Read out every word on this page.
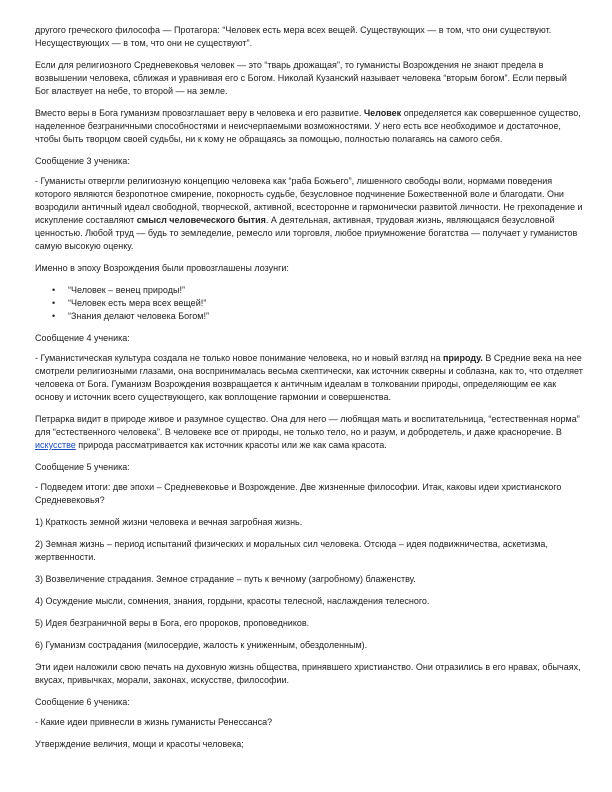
другого греческого философа — Протагора: “Человек есть мера всех вещей. Существующих — в том, что они существуют. Несуществующих — в том, что они не существуют”.

Если для религиозного Средневековья человек — это “тварь дрожащая”, то гуманисты Возрождения не знают предела в возвышении человека, сближая и уравнивая его с Богом. Николай Кузанский называет человека “вторым богом”. Если первый Бог властвует на небе, то второй — на земле.

Вместо веры в Бога гуманизм провозглашает веру в человека и его развитие. Человек определяется как совершенное существо, наделенное безграничными способностями и неисчерпаемыми возможностями. У него есть все необходимое и достаточное, чтобы быть творцом своей судьбы, ни к кому не обращаясь за помощью, полностью полагаясь на самого себя.

Сообщение 3 ученика:

- Гуманисты отвергли религиозную концепцию человека как “раба Божьего”, лишенного свободы воли, нормами поведения которого являются безропотное смирение, покорность судьбе, безусловное подчинение Божественной воле и благодати. Они возродили античный идеал свободной, творческой, активной, всесторонне и гармонически развитой личности. Не грехопадение и искупление составляют смысл человеческого бытия. А деятельная, активная, трудовая жизнь, являющаяся безусловной ценностью. Любой труд — будь то земледелие, ремесло или торговля, любое приумножение богатства — получает у гуманистов самую высокую оценку.

Именно в эпоху Возрождения были провозглашены лозунги:

• “Человек – венец природы!”
• “Человек есть мера всех вещей!”
• “Знания делают человека Богом!”

Сообщение 4 ученика:

- Гуманистическая культура создала не только новое понимание человека, но и новый взгляд на природу. В Средние века на нее смотрели религиозными глазами, она воспринималась весьма скептически, как источник скверны и соблазна, как то, что отделяет человека от Бога. Гуманизм Возрождения возвращается к античным идеалам в толковании природы, определяющим ее как основу и источник всего существующего, как воплощение гармонии и совершенства.

Петрарка видит в природе живое и разумное существо. Она для него — любящая мать и воспитательница, “естественная норма” для “естественного человека”. В человеке все от природы, не только тело, но и разум, и добродетель, и даже красноречие. В искусстве природа рассматривается как источник красоты или же как сама красота.

Сообщение 5 ученика:

- Подведем итоги: две эпохи – Средневековье и Возрождение. Две жизненные философии. Итак, каковы идеи христианского Средневековья?

1) Краткость земной жизни человека и вечная загробная жизнь.

2) Земная жизнь – период испытаний физических и моральных сил человека. Отсюда – идея подвижничества, аскетизма, жертвенности.

3) Возвеличение страдания. Земное страдание – путь к вечному (загробному) блаженству.

4) Осуждение мысли, сомнения, знания, гордыни, красоты телесной, наслаждения телесного.

5) Идея безграничной веры в Бога, его пророков, проповедников.

6) Гуманизм сострадания (милосердие, жалость к униженным, обездоленным).

Эти идеи наложили свою печать на духовную жизнь общества, принявшего христианство. Они отразились в его нравах, обычаях, вкусах, привычках, морали, законах, искусстве, философии.

Сообщение 6 ученика:

- Какие идеи привнесли в жизнь гуманисты Ренессанса?

Утверждение величия, мощи и красоты человека;
